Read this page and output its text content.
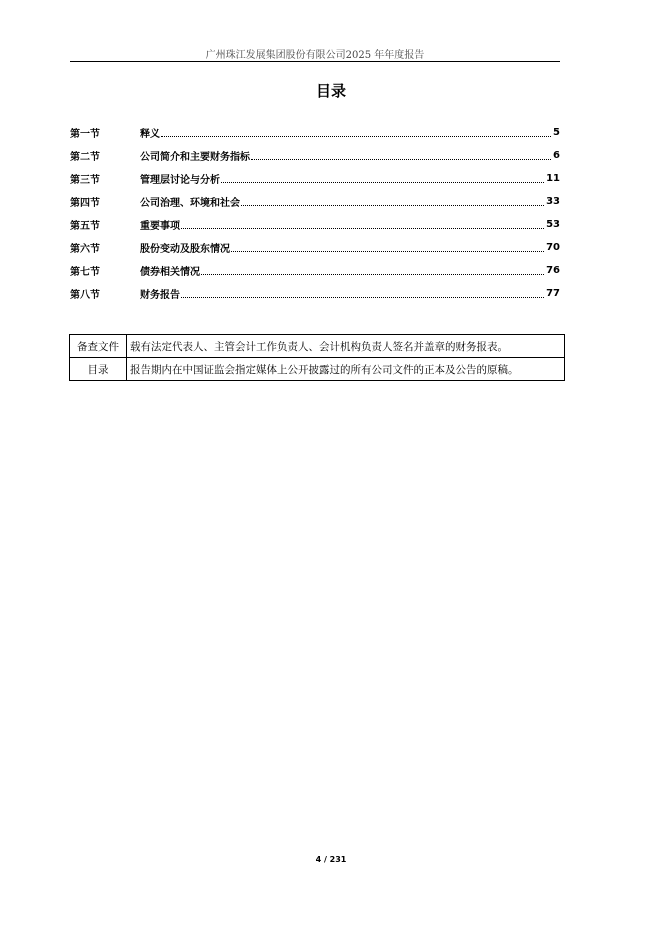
广州珠江发展集团股份有限公司2025 年年度报告
目录
第一节	释义	5
第二节	公司简介和主要财务指标	6
第三节	管理层讨论与分析	11
第四节	公司治理、环境和社会	33
第五节	重要事项	53
第六节	股份变动及股东情况	70
第七节	债券相关情况	76
第八节	财务报告	77
备查文件	载有法定代表人、主管会计工作负责人、会计机构负责人签名并盖章的财务报表。
目录	报告期内在中国证监会指定媒体上公开披露过的所有公司文件的正本及公告的原稿。
4 / 231
